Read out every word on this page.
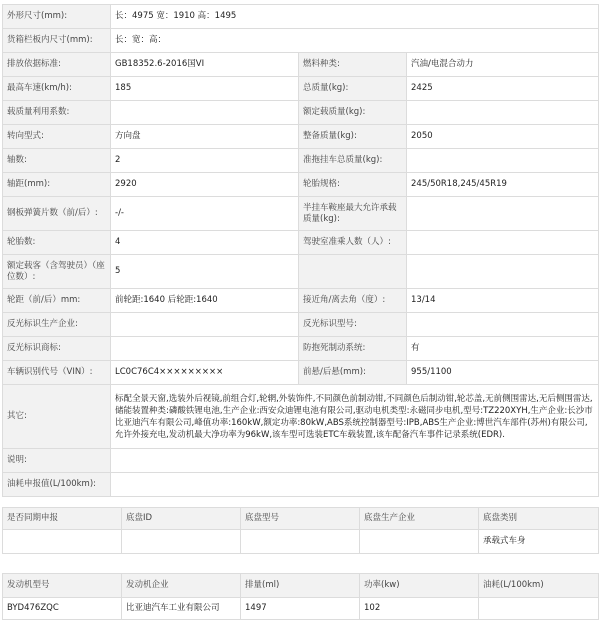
外形尺寸(mm):	长：4975 宽：1910 高：1495		
货箱栏板内尺寸(mm):	长：宽：高：		
排放依据标准:	GB18352.6-2016国VI	燃料种类:	汽油/电混合动力
最高车速(km/h):	185	总质量(kg):	2425
载质量利用系数:		额定载质量(kg):	
转向型式:	方向盘	整备质量(kg):	2050
轴数:	2	准拖挂车总质量(kg):	
轴距(mm):	2920	轮胎规格:	245/50R18,245/45R19
钢板弹簧片数（前/后）:	-/-	半挂车鞍座最大允许承载质量(kg):	
轮胎数:	4	驾驶室准乘人数（人）:	
额定载客（含驾驶员）（座位数）:	5		
轮距（前/后）mm:	前轮距:1640 后轮距:1640	接近角/离去角（度）:	13/14
反光标识生产企业:		反光标识型号:	
反光标识商标:		防抱死制动系统:	有
车辆识别代号（VIN）:	LC0C76C4×××××××××	前悬/后悬(mm):	955/1100
其它:	标配全景天窗,选装外后视镜,前组合灯,轮辋,外装饰件,不同颜色前制动钳,不同颜色后制动钳,轮芯盖,无前侧围雷达,无后侧围雷达,储能装置种类:磷酸铁锂电池,生产企业:西安众迪锂电池有限公司,驱动电机类型:永磁同步电机,型号:TZ220XYH,生产企业:长沙市比亚迪汽车有限公司,峰值功率:160kW,额定功率:80kW,ABS系统控制器型号:IPB,ABS生产企业:博世汽车部件(苏州)有限公司,允许外接充电,发动机最大净功率为96kW,该车型可选装ETC车载装置,该车配备汽车事件记录系统(EDR).		
说明:			
油耗申报值(L/100km):			
是否同期申报	底盘ID	底盘型号	底盘生产企业	底盘类别
				承载式车身
发动机型号	发动机企业	排量(ml)	功率(kw)	油耗(L/100km)
BYD476ZQC	比亚迪汽车工业有限公司	1497	102	
